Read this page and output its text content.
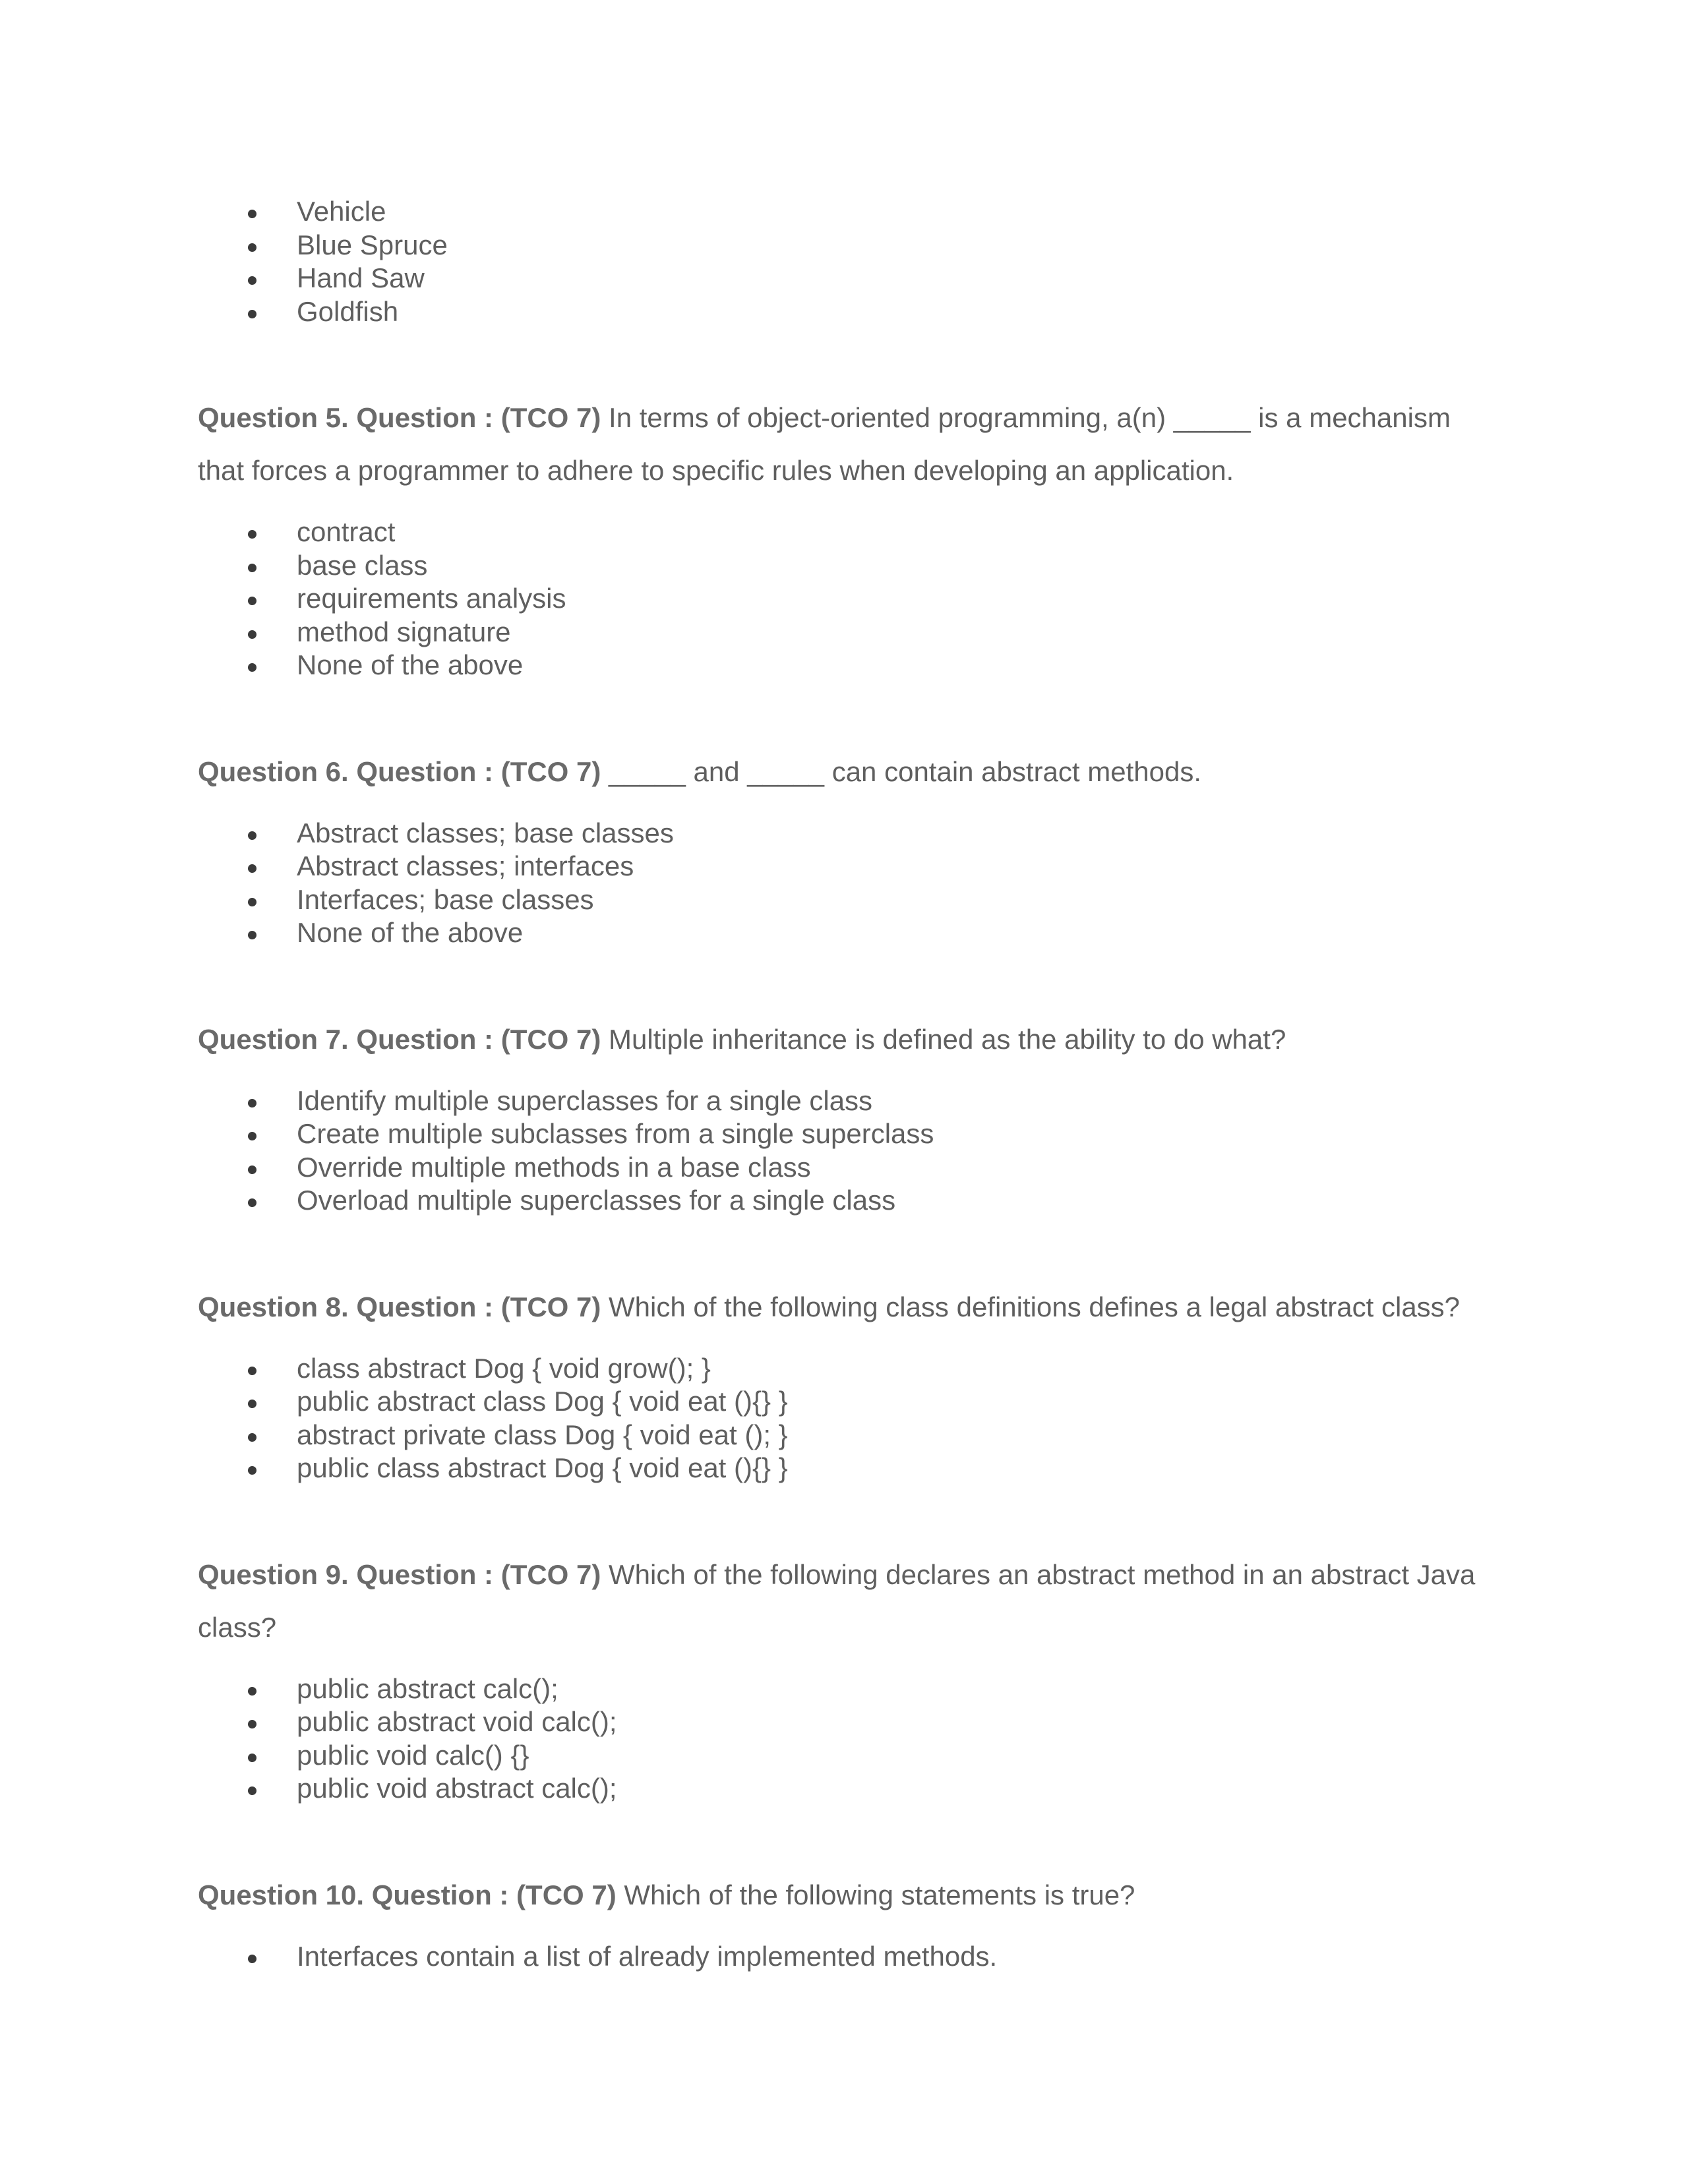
Vehicle
Blue Spruce
Hand Saw
Goldfish

Question 5. Question : (TCO 7) In terms of object-oriented programming, a(n) _____ is a mechanism that forces a programmer to adhere to specific rules when developing an application.

contract
base class
requirements analysis
method signature
None of the above

Question 6. Question : (TCO 7) _____ and _____ can contain abstract methods.

Abstract classes; base classes
Abstract classes; interfaces
Interfaces; base classes
None of the above

Question 7. Question : (TCO 7) Multiple inheritance is defined as the ability to do what?

Identify multiple superclasses for a single class
Create multiple subclasses from a single superclass
Override multiple methods in a base class
Overload multiple superclasses for a single class

Question 8. Question : (TCO 7) Which of the following class definitions defines a legal abstract class?

class abstract Dog { void grow(); }
public abstract class Dog { void eat (){} }
abstract private class Dog { void eat (); }
public class abstract Dog { void eat (){} }

Question 9. Question : (TCO 7) Which of the following declares an abstract method in an abstract Java class?

public abstract calc();
public abstract void calc();
public void calc() {}
public void abstract calc();

Question 10. Question : (TCO 7) Which of the following statements is true?

Interfaces contain a list of already implemented methods.
